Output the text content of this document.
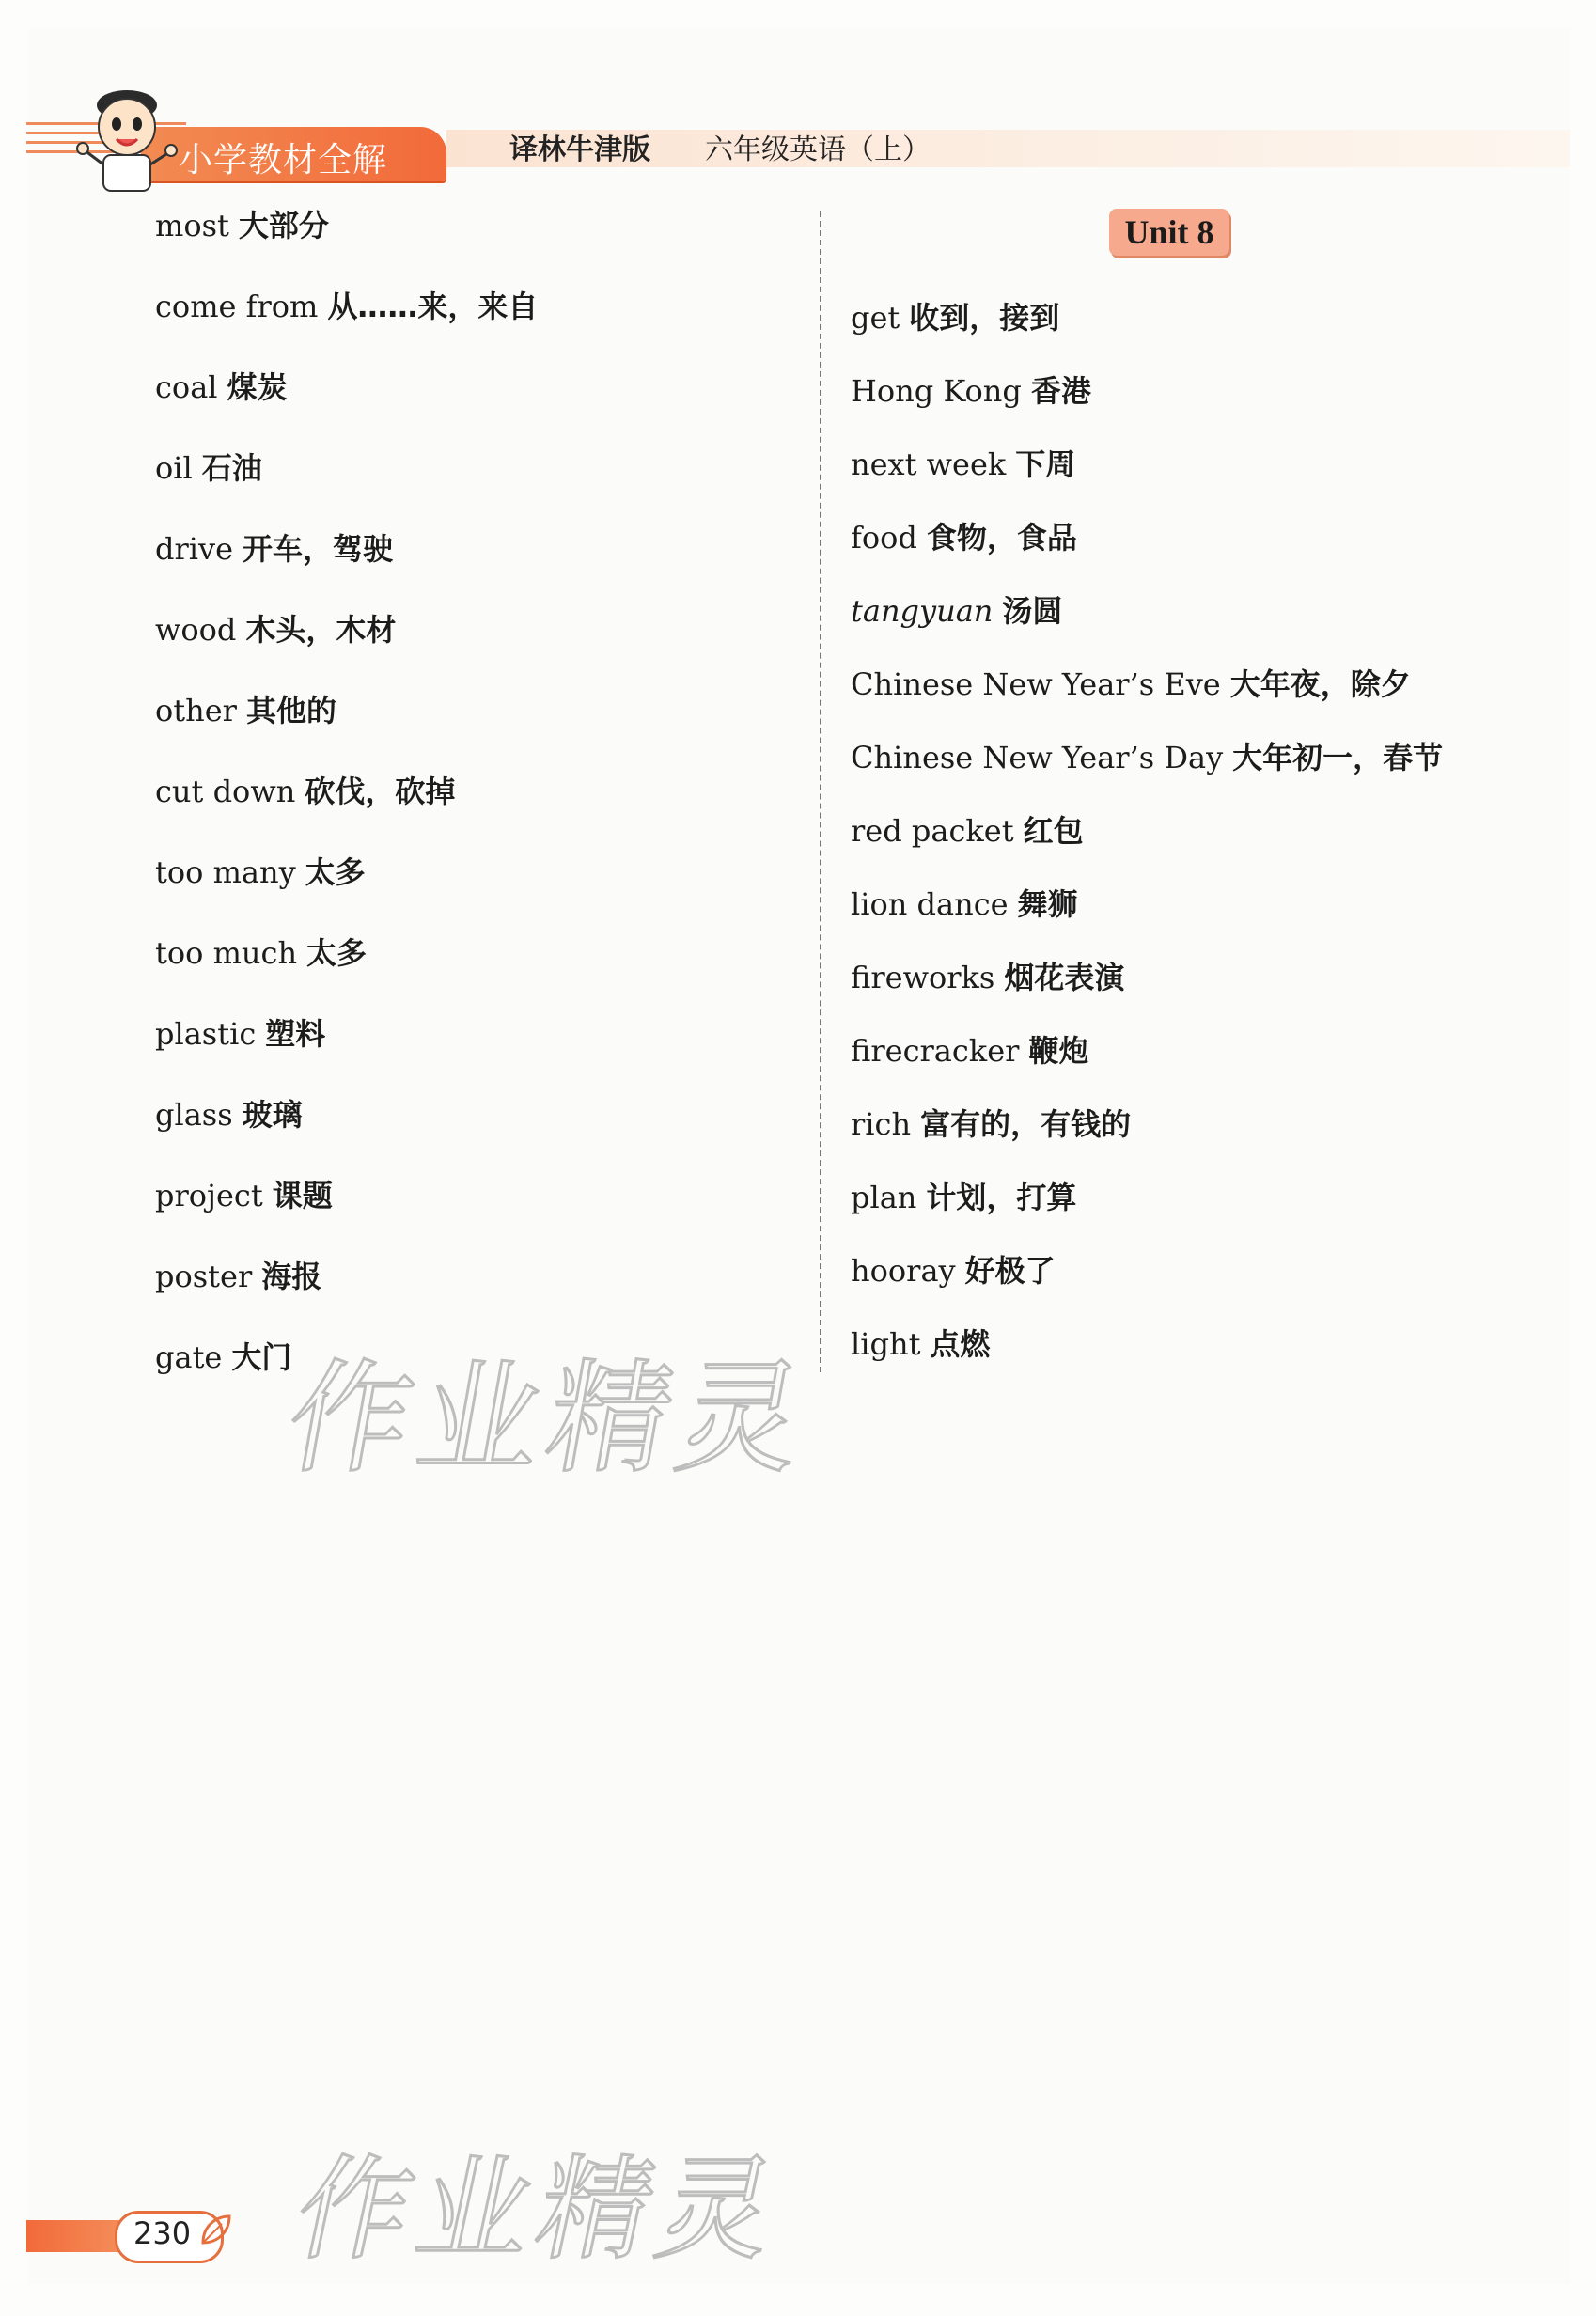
小学教材全解	译林牛津版 六年级英语（上）
most 大部分
come from 从……来，来自
coal 煤炭
oil 石油
drive 开车，驾驶
wood 木头，木材
other 其他的
cut down 砍伐，砍掉
too many 太多
too much 太多
plastic 塑料
glass 玻璃
project 课题
poster 海报
gate 大门
Unit 8
get 收到，接到
Hong Kong 香港
next week 下周
food 食物，食品
tangyuan 汤圆
Chinese New Year’s Eve 大年夜，除夕
Chinese New Year’s Day 大年初一，春节
red packet 红包
lion dance 舞狮
fireworks 烟花表演
firecracker 鞭炮
rich 富有的，有钱的
plan 计划，打算
hooray 好极了
light 点燃
作业精灵
作业精灵
230
